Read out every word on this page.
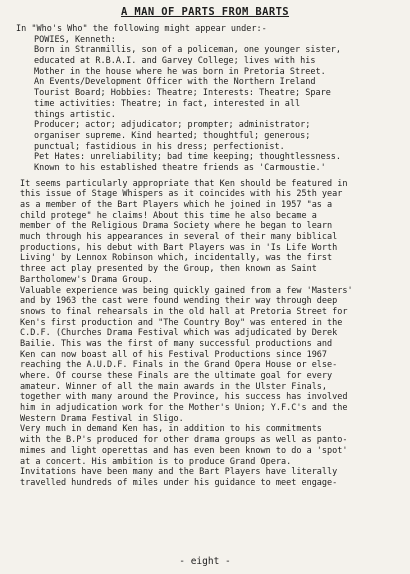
A MAN OF PARTS FROM BARTS
In "Who's Who" the following might appear under:-
POWIES, Kenneth:
Born in Stranmillis, son of a policeman, one younger sister,
educated at R.B.A.I. and Garvey College; lives with his
Mother in the house where he was born in Pretoria Street.
An Events/Development Officer with the Northern Ireland
Tourist Board; Hobbies: Theatre; Interests: Theatre; Spare
time activities: Theatre; in fact, interested in all
things artistic.
Producer; actor; adjudicator; prompter; administrator;
organiser supreme. Kind hearted; thoughtful; generous;
punctual; fastidious in his dress; perfectionist.
Pet Hates: unreliability; bad time keeping; thoughtlessness.
Known to his established theatre friends as 'Carmoustie.'
It seems particularly appropriate that Ken should be featured in
this issue of Stage Whispers as it coincides with his 25th year
as a member of the Bart Players which he joined in 1957 "as a
child protege" he claims! About this time he also became a
member of the Religious Drama Society where he began to learn
much through his appearances in several of their many biblical
productions, his debut with Bart Players was in 'Is Life Worth
Living' by Lennox Robinson which, incidentally, was the first
three act play presented by the Group, then known as Saint
Bartholomew's Drama Group.
Valuable experience was being quickly gained from a few 'Masters'
and by 1963 the cast were found wending their way through deep
snows to final rehearsals in the old hall at Pretoria Street for
Ken's first production and "The Country Boy" was entered in the
C.D.F. (Churches Drama Festival which was adjudicated by Derek
Bailie. This was the first of many successful productions and
Ken can now boast all of his Festival Productions since 1967
reaching the A.U.D.F. Finals in the Grand Opera House or else-
where. Of course these Finals are the ultimate goal for every
amateur. Winner of all the main awards in the Ulster Finals,
together with many around the Province, his success has involved
him in adjudication work for the Mother's Union; Y.F.C's and the
Western Drama Festival in Sligo.
Very much in demand Ken has, in addition to his commitments
with the B.P's produced for other drama groups as well as panto-
mimes and light operettas and has even been known to do a 'spot'
at a concert. His ambition is to produce Grand Opera.
Invitations have been many and the Bart Players have literally
travelled hundreds of miles under his guidance to meet engage-
- eight -
